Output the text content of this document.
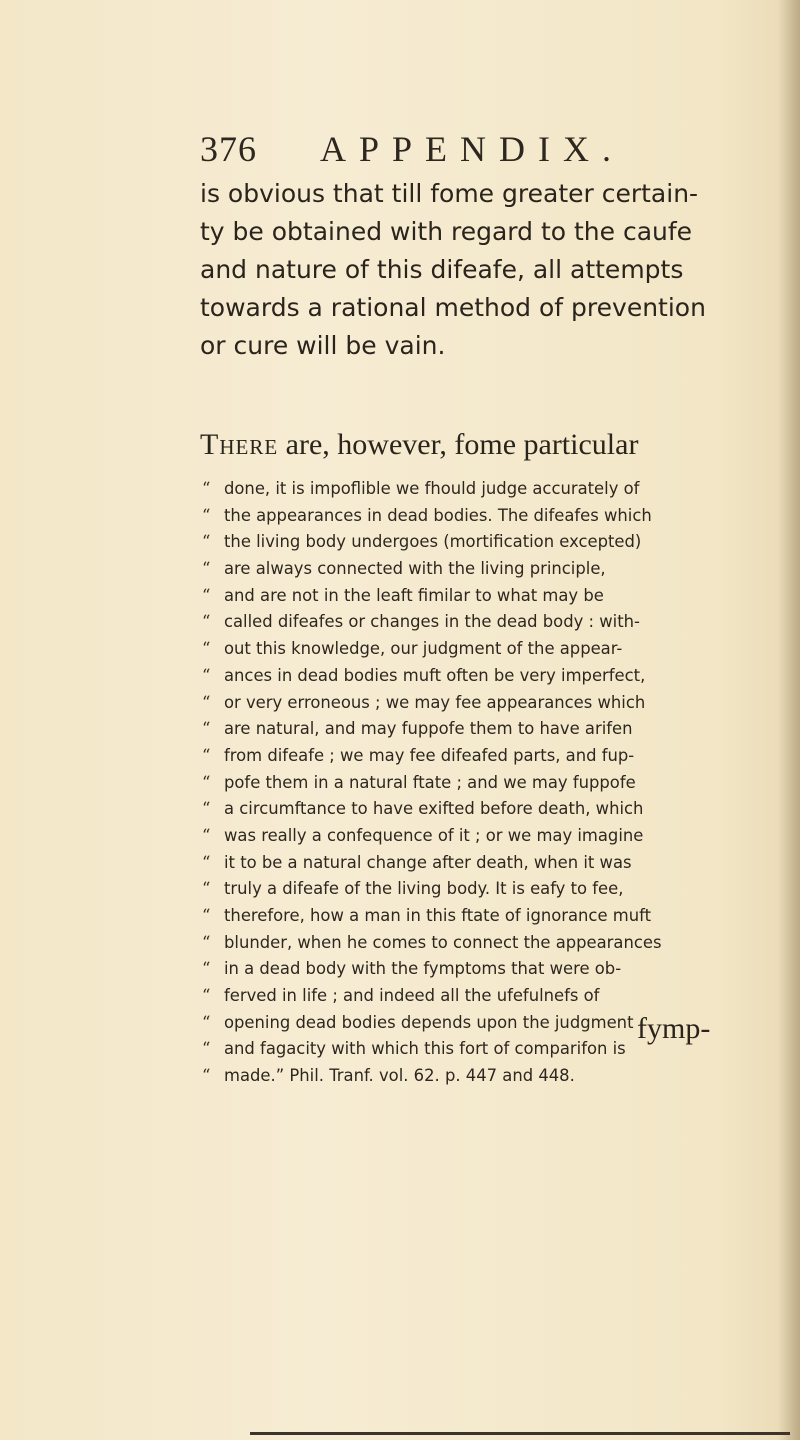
376 APPENDIX.
is obvious that till fome greater certain-
ty be obtained with regard to the caufe
and nature of this difeafe, all attempts
towards a rational method of prevention
or cure will be vain.
There are, however, fome particular
“ done, it is impoflible we fhould judge accurately of
“ the appearances in dead bodies. The difeafes which
“ the living body undergoes (mortification excepted)
“ are always connected with the living principle,
“ and are not in the leaft fimilar to what may be
“ called difeafes or changes in the dead body : with-
“ out this knowledge, our judgment of the appear-
“ ances in dead bodies muft often be very imperfect,
“ or very erroneous ; we may fee appearances which
“ are natural, and may fuppofe them to have arifen
“ from difeafe ; we may fee difeafed parts, and fup-
“ pofe them in a natural ftate ; and we may fuppofe
“ a circumftance to have exifted before death, which
“ was really a confequence of it ; or we may imagine
“ it to be a natural change after death, when it was
“ truly a difeafe of the living body. It is eafy to fee,
“ therefore, how a man in this ftate of ignorance muft
“ blunder, when he comes to connect the appearances
“ in a dead body with the fymptoms that were ob-
“ ferved in life ; and indeed all the ufefulnefs of
“ opening dead bodies depends upon the judgment
“ and fagacity with which this fort of comparifon is
“ made.” Phil. Tranf. vol. 62. p. 447 and 448.
fymp-
